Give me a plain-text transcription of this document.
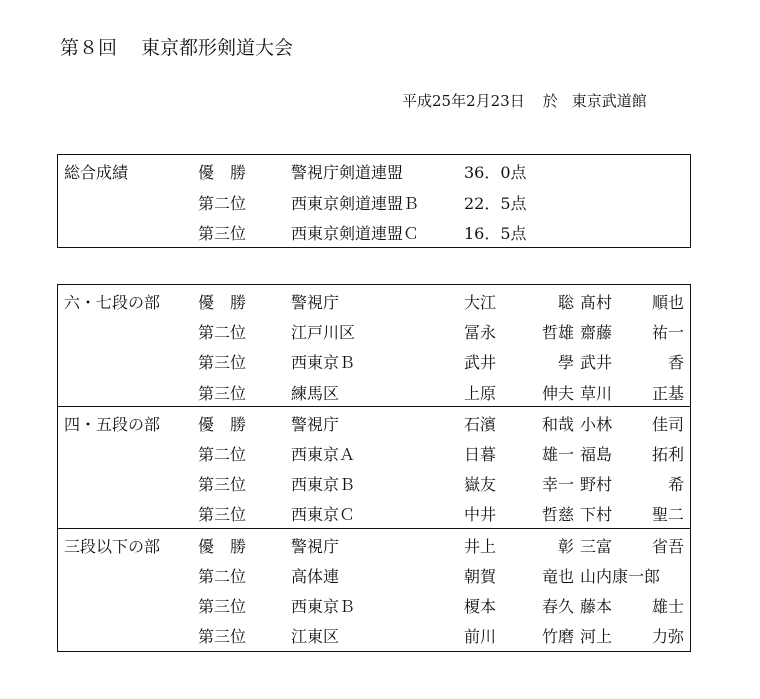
第８回 東京都形剣道大会
平成25年2月23日 於 東京武道館
総合成績	優　勝	警視庁剣道連盟	36．0点
第二位	西東京剣道連盟Ｂ	22．5点
第三位	西東京剣道連盟Ｃ	16．5点
六・七段の部 優　勝	警視庁	大江	聡 髙村 順也
第二位	江戸川区	冨永	哲雄 齋藤 祐一
第三位	西東京Ｂ	武井	學 武井	香
第三位	練馬区	上原	伸夫 草川 正基
四・五段の部 優　勝	警視庁	石濱	和哉 小林 佳司
第二位	西東京Ａ	日暮	雄一 福島 拓利
第三位	西東京Ｂ	嶽友	幸一 野村	希
第三位	西東京Ｃ	中井	哲慈 下村 聖二
三段以下の部 優　勝	警視庁	井上	彰 三富 省吾
第二位	高体連	朝賀	竜也 山内康一郎
第三位	西東京Ｂ	榎本	春久 藤本 雄士
第三位	江東区	前川	竹磨 河上 力弥
